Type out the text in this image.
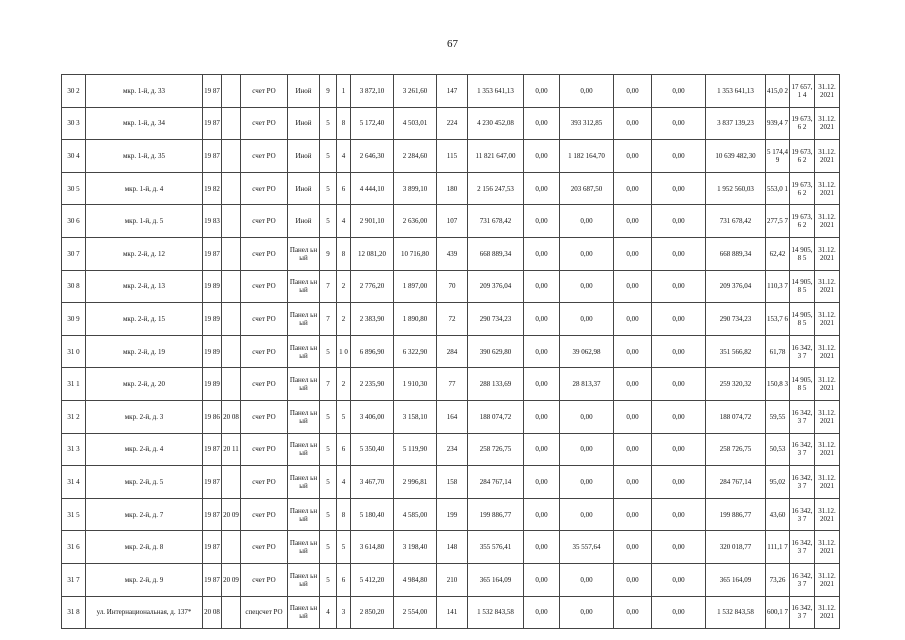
67
30 2	мкр. 1-й, д. 33	19 87		счет РО	Иной	9	1	3 872,10	3 261,60	147	1 353 641,13	0,00	0,00	0,00	0,00	1 353 641,13	415,0 2	17 657,1 4	31.12. 2021
30 3	мкр. 1-й, д. 34	19 87		счет РО	Иной	5	8	5 172,40	4 503,01	224	4 230 452,08	0,00	393 312,85	0,00	0,00	3 837 139,23	939,4 7	19 673,6 2	31.12. 2021
30 4	мкр. 1-й, д. 35	19 87		счет РО	Иной	5	4	2 646,30	2 284,60	115	11 821 647,00	0,00	1 182 164,70	0,00	0,00	10 639 482,30	5 174,4 9	19 673,6 2	31.12. 2021
30 5	мкр. 1-й, д. 4	19 82		счет РО	Иной	5	6	4 444,10	3 899,10	180	2 156 247,53	0,00	203 687,50	0,00	0,00	1 952 560,03	553,0 1	19 673,6 2	31.12. 2021
30 6	мкр. 1-й, д. 5	19 83		счет РО	Иной	5	4	2 901,10	2 636,00	107	731 678,42	0,00	0,00	0,00	0,00	731 678,42	277,5 7	19 673,6 2	31.12. 2021
30 7	мкр. 2-й, д. 12	19 87		счет РО	Панел ьный	9	8	12 081,20	10 716,80	439	668 889,34	0,00	0,00	0,00	0,00	668 889,34	62,42	14 905,8 5	31.12. 2021
30 8	мкр. 2-й, д. 13	19 89		счет РО	Панел ьный	7	2	2 776,20	1 897,00	70	209 376,04	0,00	0,00	0,00	0,00	209 376,04	110,3 7	14 905,8 5	31.12. 2021
30 9	мкр. 2-й, д. 15	19 89		счет РО	Панел ьный	7	2	2 383,90	1 890,80	72	290 734,23	0,00	0,00	0,00	0,00	290 734,23	153,7 6	14 905,8 5	31.12. 2021
31 0	мкр. 2-й, д. 19	19 89		счет РО	Панел ьный	5	1 0	6 896,90	6 322,90	284	390 629,80	0,00	39 062,98	0,00	0,00	351 566,82	61,78	16 342,3 7	31.12. 2021
31 1	мкр. 2-й, д. 20	19 89		счет РО	Панел ьный	7	2	2 235,90	1 910,30	77	288 133,69	0,00	28 813,37	0,00	0,00	259 320,32	150,8 3	14 905,8 5	31.12. 2021
31 2	мкр. 2-й, д. 3	19 86	20 08	счет РО	Панел ьный	5	5	3 406,00	3 158,10	164	188 074,72	0,00	0,00	0,00	0,00	188 074,72	59,55	16 342,3 7	31.12. 2021
31 3	мкр. 2-й, д. 4	19 87	20 11	счет РО	Панел ьный	5	6	5 350,40	5 119,90	234	258 726,75	0,00	0,00	0,00	0,00	258 726,75	50,53	16 342,3 7	31.12. 2021
31 4	мкр. 2-й, д. 5	19 87		счет РО	Панел ьный	5	4	3 467,70	2 996,81	158	284 767,14	0,00	0,00	0,00	0,00	284 767,14	95,02	16 342,3 7	31.12. 2021
31 5	мкр. 2-й, д. 7	19 87	20 09	счет РО	Панел ьный	5	8	5 180,40	4 585,00	199	199 886,77	0,00	0,00	0,00	0,00	199 886,77	43,60	16 342,3 7	31.12. 2021
31 6	мкр. 2-й, д. 8	19 87		счет РО	Панел ьный	5	5	3 614,80	3 198,40	148	355 576,41	0,00	35 557,64	0,00	0,00	320 018,77	111,1 7	16 342,3 7	31.12. 2021
31 7	мкр. 2-й, д. 9	19 87	20 09	счет РО	Панел ьный	5	6	5 412,20	4 984,80	210	365 164,09	0,00	0,00	0,00	0,00	365 164,09	73,26	16 342,3 7	31.12. 2021
31 8	ул. Интернациональная, д. 137*	20 08		спецсчет РО	Панел ьный	4	3	2 850,20	2 554,00	141	1 532 843,58	0,00	0,00	0,00	0,00	1 532 843,58	600,1 7	16 342,3 7	31.12. 2021
